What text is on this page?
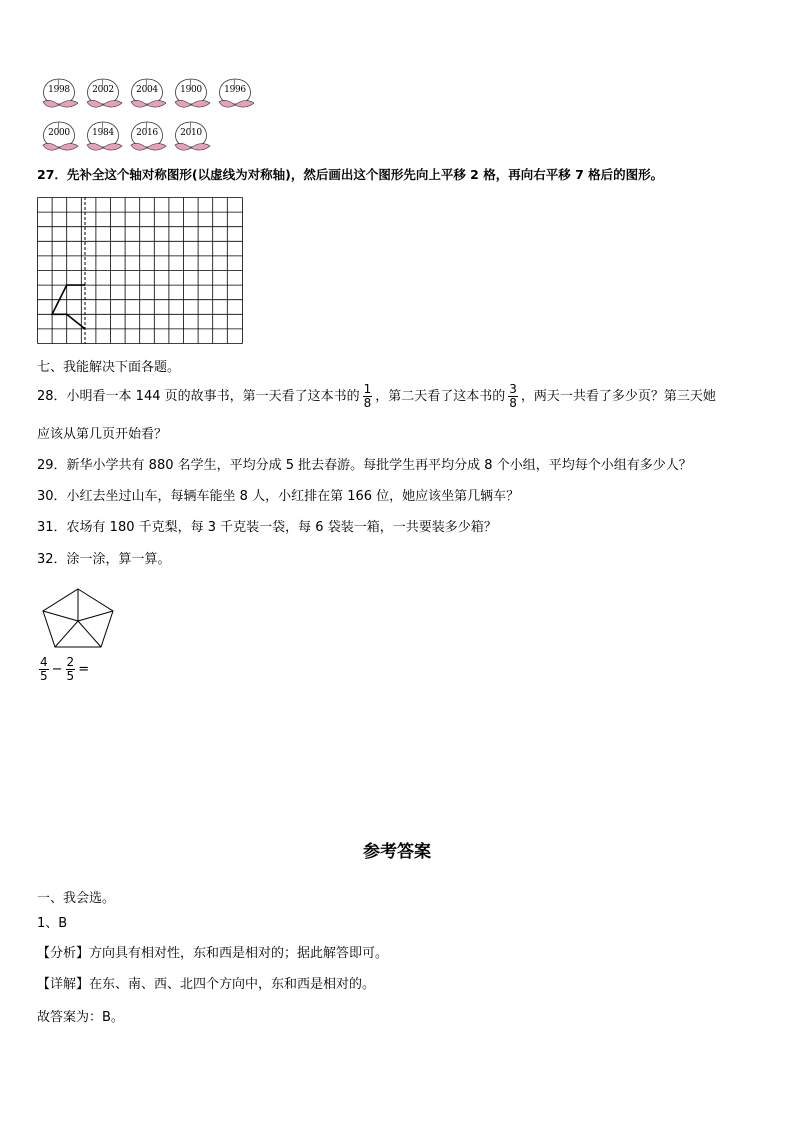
1998	2002	2004	1900	1996
2000	1984	2016	2010
27．先补全这个轴对称图形(以虚线为对称轴)，然后画出这个图形先向上平移 2 格，再向右平移 7 格后的图形。
七、我能解决下面各题。
28．小明看一本 144 页的故事书，第一天看了这本书的 $\frac{1}{8}$ ，第二天看了这本书的 $\frac{3}{8}$ ，两天一共看了多少页？第三天她
应该从第几页开始看？
29．新华小学共有 880 名学生，平均分成 5 批去春游。每批学生再平均分成 8 个小组，平均每个小组有多少人？
30．小红去坐过山车，每辆车能坐 8 人，小红排在第 166 位，她应该坐第几辆车？
31．农场有 180 千克梨，每 3 千克装一袋，每 6 袋装一箱，一共要装多少箱？
32．涂一涂，算一算。
$\frac{4}{5} - \frac{2}{5}$ =
参考答案
一、我会选。
1、B
【分析】方向具有相对性，东和西是相对的；据此解答即可。
【详解】在东、南、西、北四个方向中，东和西是相对的。
故答案为：B。
